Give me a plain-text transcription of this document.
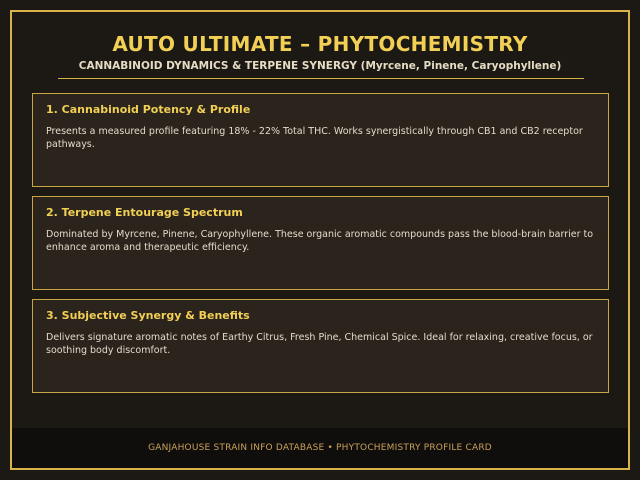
AUTO ULTIMATE – PHYTOCHEMISTRY
CANNABINOID DYNAMICS & TERPENE SYNERGY (Myrcene, Pinene, Caryophyllene)
1. Cannabinoid Potency & Profile
Presents a measured profile featuring 18% - 22% Total THC. Works synergistically through CB1 and CB2 receptor pathways.
2. Terpene Entourage Spectrum
Dominated by Myrcene, Pinene, Caryophyllene. These organic aromatic compounds pass the blood-brain barrier to enhance aroma and therapeutic efficiency.
3. Subjective Synergy & Benefits
Delivers signature aromatic notes of Earthy Citrus, Fresh Pine, Chemical Spice. Ideal for relaxing, creative focus, or soothing body discomfort.
GANJAHOUSE STRAIN INFO DATABASE • PHYTOCHEMISTRY PROFILE CARD
